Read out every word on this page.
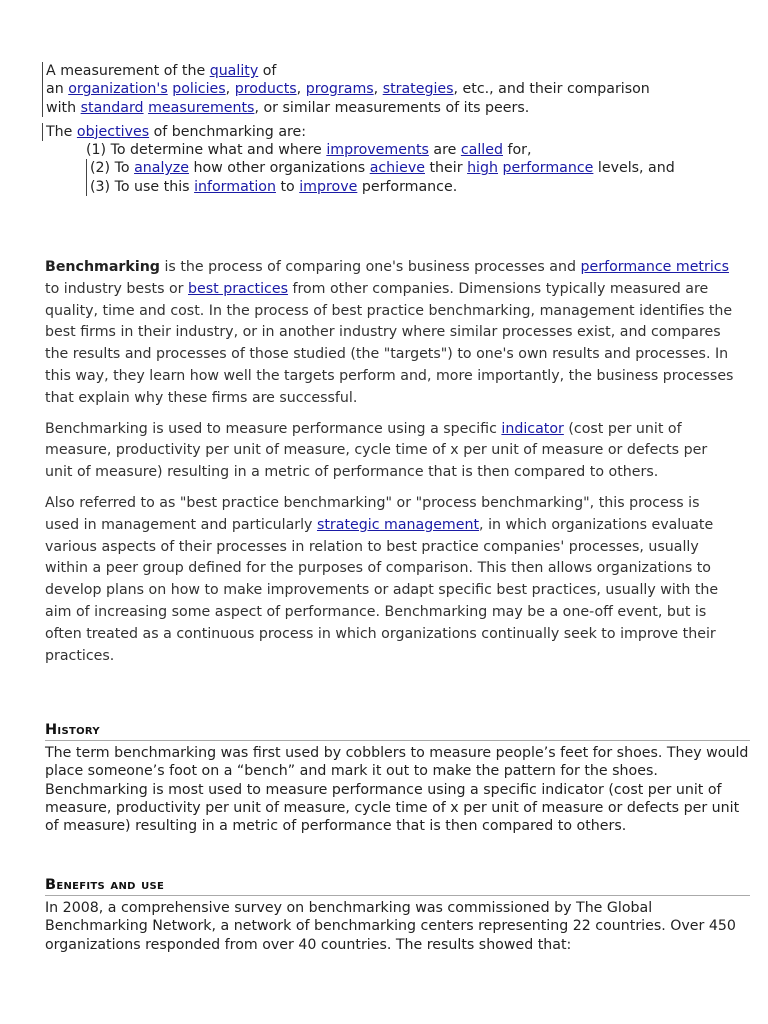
A measurement of the quality of
an organization's policies, products, programs, strategies, etc., and their comparison
with standard measurements, or similar measurements of its peers.
The objectives of benchmarking are:
(1) To determine what and where improvements are called for,
(2) To analyze how other organizations achieve their high performance levels, and
(3) To use this information to improve performance.

Benchmarking is the process of comparing one's business processes and performance metrics to industry bests or best practices from other companies. Dimensions typically measured are quality, time and cost. In the process of best practice benchmarking, management identifies the best firms in their industry, or in another industry where similar processes exist, and compares the results and processes of those studied (the "targets") to one's own results and processes. In this way, they learn how well the targets perform and, more importantly, the business processes that explain why these firms are successful.

Benchmarking is used to measure performance using a specific indicator (cost per unit of measure, productivity per unit of measure, cycle time of x per unit of measure or defects per unit of measure) resulting in a metric of performance that is then compared to others.

Also referred to as "best practice benchmarking" or "process benchmarking", this process is used in management and particularly strategic management, in which organizations evaluate various aspects of their processes in relation to best practice companies' processes, usually within a peer group defined for the purposes of comparison. This then allows organizations to develop plans on how to make improvements or adapt specific best practices, usually with the aim of increasing some aspect of performance. Benchmarking may be a one-off event, but is often treated as a continuous process in which organizations continually seek to improve their practices.

History

The term benchmarking was first used by cobblers to measure people’s feet for shoes. They would place someone’s foot on a “bench” and mark it out to make the pattern for the shoes. Benchmarking is most used to measure performance using a specific indicator (cost per unit of measure, productivity per unit of measure, cycle time of x per unit of measure or defects per unit of measure) resulting in a metric of performance that is then compared to others.

Benefits and use

In 2008, a comprehensive survey on benchmarking was commissioned by The Global Benchmarking Network, a network of benchmarking centers representing 22 countries. Over 450 organizations responded from over 40 countries. The results showed that:
